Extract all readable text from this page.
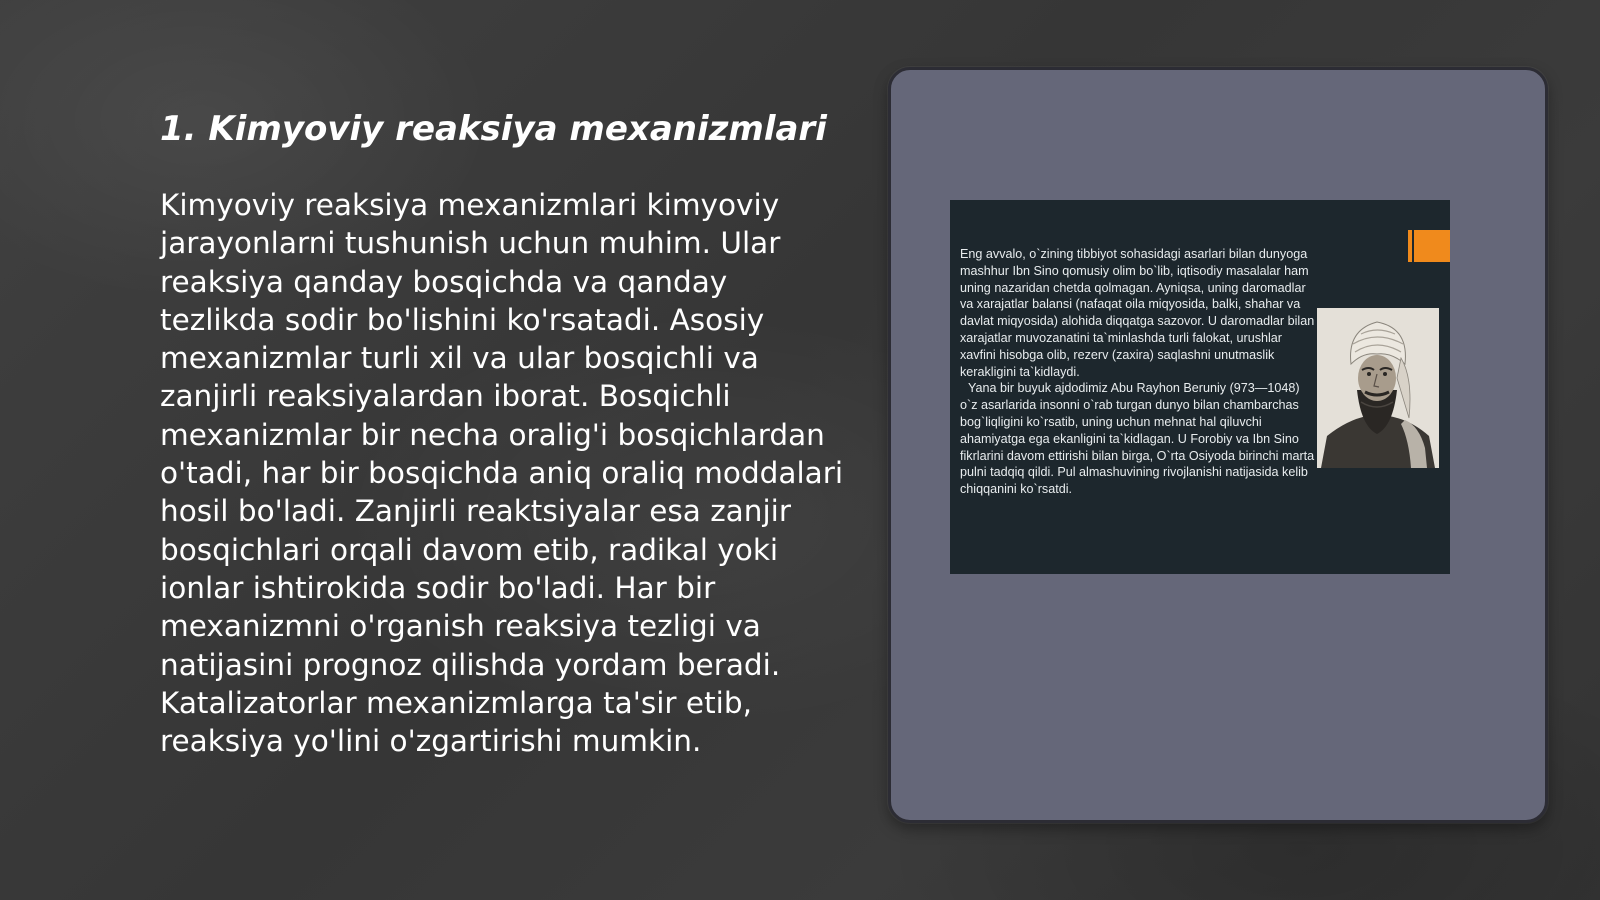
1. Kimyoviy reaksiya mexanizmlari

Kimyoviy reaksiya mexanizmlari kimyoviy jarayonlarni tushunish uchun muhim. Ular reaksiya qanday bosqichda va qanday tezlikda sodir bo'lishini ko'rsatadi. Asosiy mexanizmlar turli xil va ular bosqichli va zanjirli reaksiyalardan iborat. Bosqichli mexanizmlar bir necha oralig'i bosqichlardan o'tadi, har bir bosqichda aniq oraliq moddalari hosil bo'ladi. Zanjirli reaktsiyalar esa zanjir bosqichlari orqali davom etib, radikal yoki ionlar ishtirokida sodir bo'ladi. Har bir mexanizmni o'rganish reaksiya tezligi va natijasini prognoz qilishda yordam beradi. Katalizatorlar mexanizmlarga ta'sir etib, reaksiya yo'lini o'zgartirishi mumkin.

Eng avvalo, o`zining tibbiyot sohasidagi asarlari bilan dunyoga mashhur Ibn Sino qomusiy olim bo`lib, iqtisodiy masalalar ham uning nazaridan chetda qolmagan. Ayniqsa, uning daromadlar va xarajatlar balansi (nafaqat oila miqyosida, balki, shahar va davlat miqyosida) alohida diqqatga sazovor. U daromadlar bilan xarajatlar muvozanatini ta`minlashda turli falokat, urushlar xavfini hisobga olib, rezerv (zaxira) saqlashni unutmaslik kerakligini ta`kidlaydi.

Yana bir buyuk ajdodimiz Abu Rayhon Beruniy (973—1048) o`z asarlarida insonni o`rab turgan dunyo bilan chambarchas bog`liqligini ko`rsatib, uning uchun mehnat hal qiluvchi ahamiyatga ega ekanligini ta`kidlagan. U Forobiy va Ibn Sino fikrlarini davom ettirishi bilan birga, O`rta Osiyoda birinchi marta pulni tadqiq qildi. Pul almashuvining rivojlanishi natijasida kelib chiqqanini ko`rsatdi.
